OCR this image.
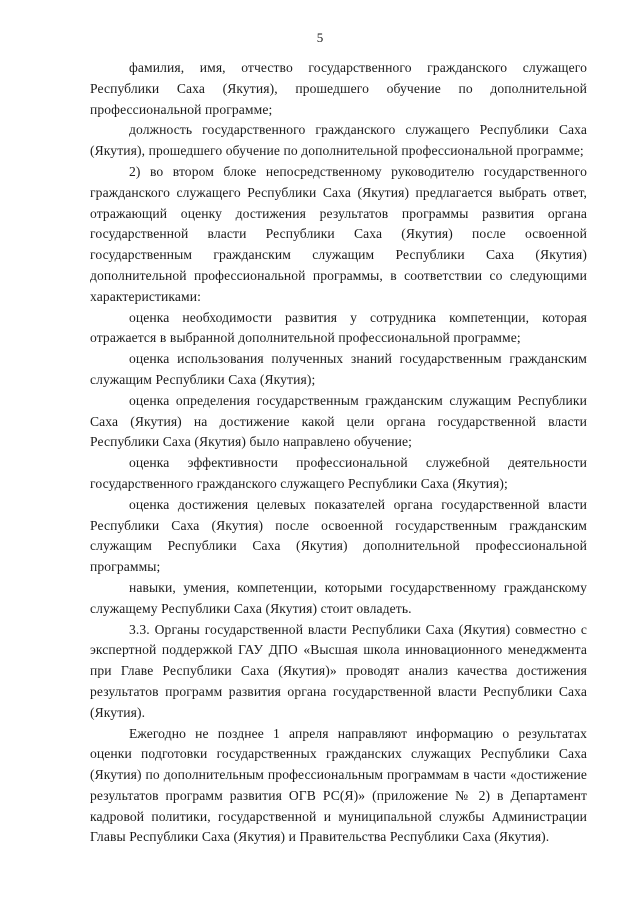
5

фамилия, имя, отчество государственного гражданского служащего Республики Саха (Якутия), прошедшего обучение по дополнительной профессиональной программе;

должность государственного гражданского служащего Республики Саха (Якутия), прошедшего обучение по дополнительной профессиональной программе;

2) во втором блоке непосредственному руководителю государственного гражданского служащего Республики Саха (Якутия) предлагается выбрать ответ, отражающий оценку достижения результатов программы развития органа государственной власти Республики Саха (Якутия) после освоенной государственным гражданским служащим Республики Саха (Якутия) дополнительной профессиональной программы, в соответствии со следующими характеристиками:

оценка необходимости развития у сотрудника компетенции, которая отражается в выбранной дополнительной профессиональной программе;

оценка использования полученных знаний государственным гражданским служащим Республики Саха (Якутия);

оценка определения государственным гражданским служащим Республики Саха (Якутия) на достижение какой цели органа государственной власти Республики Саха (Якутия) было направлено обучение;

оценка эффективности профессиональной служебной деятельности государственного гражданского служащего Республики Саха (Якутия);

оценка достижения целевых показателей органа государственной власти Республики Саха (Якутия) после освоенной государственным гражданским служащим Республики Саха (Якутия) дополнительной профессиональной программы;

навыки, умения, компетенции, которыми государственному гражданскому служащему Республики Саха (Якутия) стоит овладеть.

3.3. Органы государственной власти Республики Саха (Якутия) совместно с экспертной поддержкой ГАУ ДПО «Высшая школа инновационного менеджмента при Главе Республики Саха (Якутия)» проводят анализ качества достижения результатов программ развития органа государственной власти Республики Саха (Якутия).

Ежегодно не позднее 1 апреля направляют информацию о результатах оценки подготовки государственных гражданских служащих Республики Саха (Якутия) по дополнительным профессиональным программам в части «достижение результатов программ развития ОГВ РС(Я)» (приложение № 2) в Департамент кадровой политики, государственной и муниципальной службы Администрации Главы Республики Саха (Якутия) и Правительства Республики Саха (Якутия).
